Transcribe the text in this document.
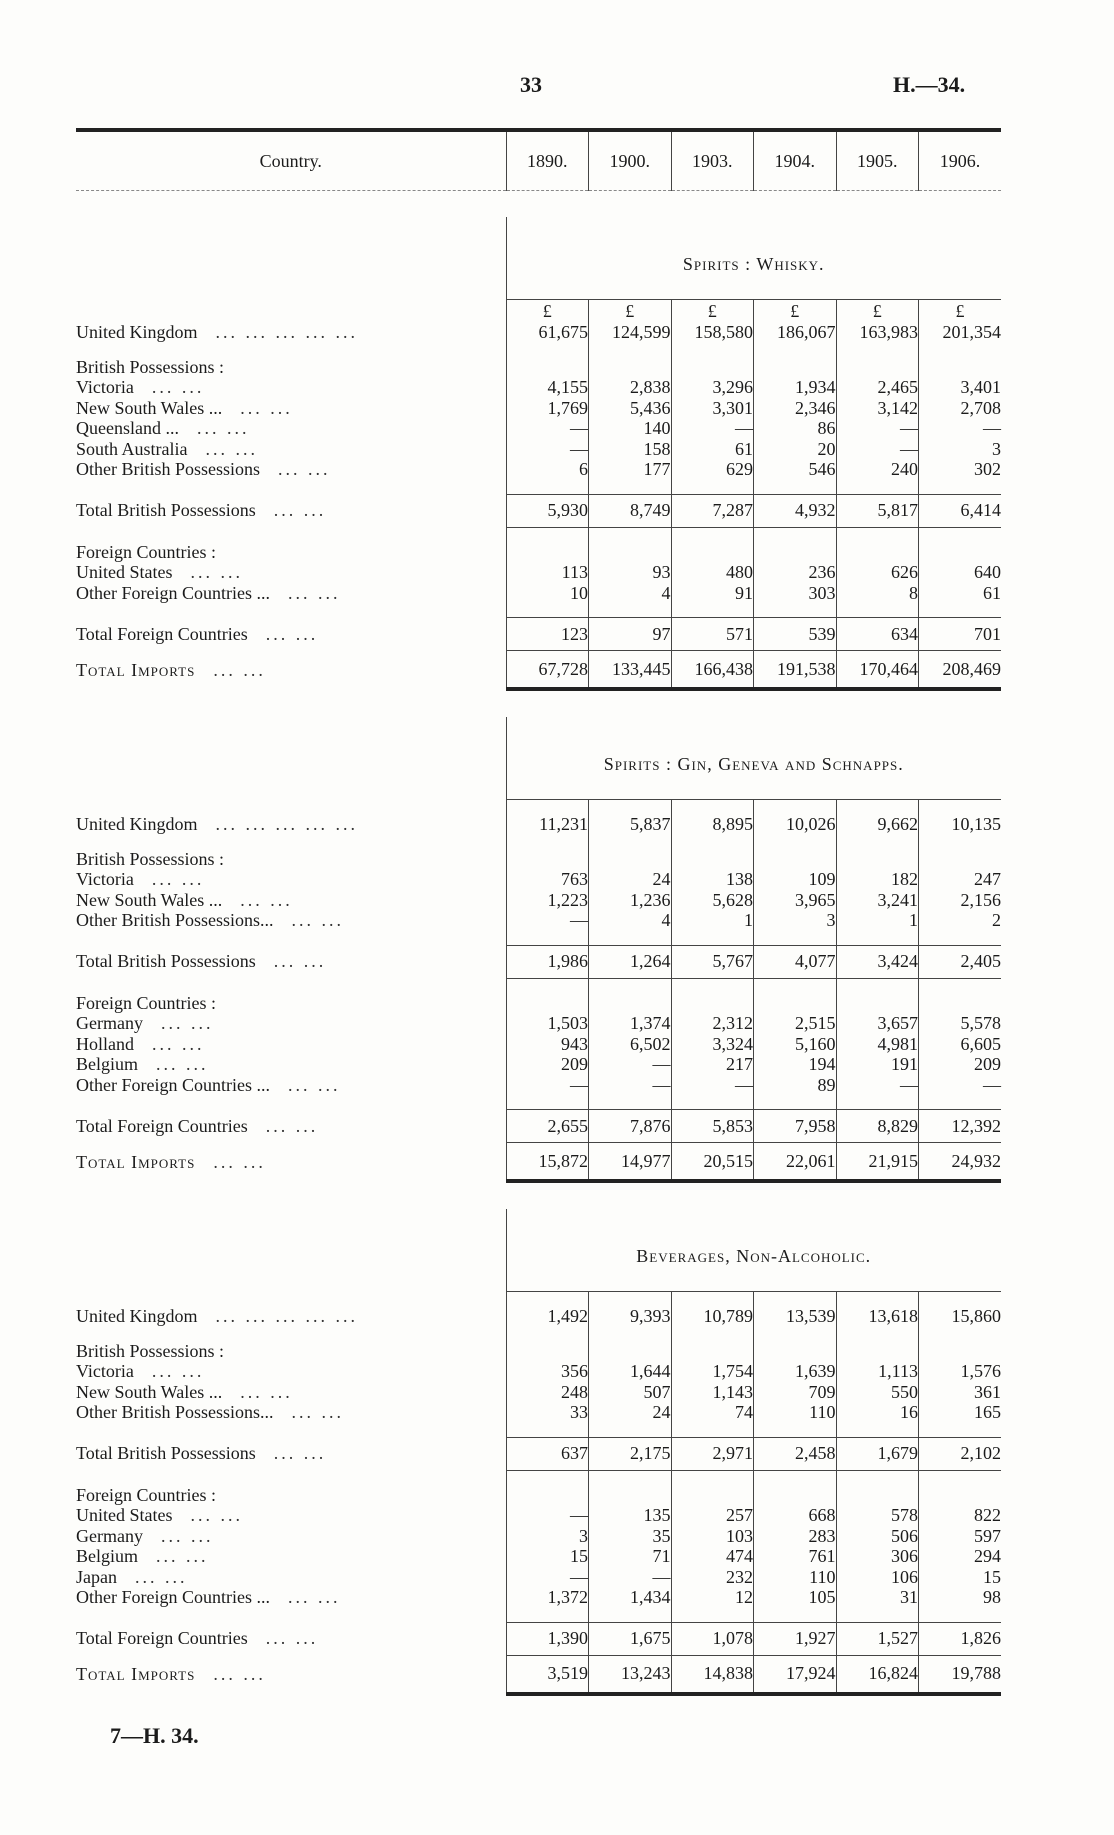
33	H.—34.
Country.	1890.	1900.	1903.	1904.	1905.	1906.

	Spirits : Whisky.					
	£	£	£	£	£	£
United Kingdom ... ... ... ... ...	61,675	124,599	158,580	186,067	163,983	201,354

British Possessions :						
Victoria ... ...	4,155	2,838	3,296	1,934	2,465	3,401
New South Wales ... ... ...	1,769	5,436	3,301	2,346	3,142	2,708
Queensland ... ... ...	—	140	—	86	—	—
South Australia ... ...	—	158	61	20	—	3
Other British Possessions ... ...	6	177	629	546	240	302

Total British Possessions ... ...	5,930	8,749	7,287	4,932	5,817	6,414

Foreign Countries :						
United States ... ...	113	93	480	236	626	640
Other Foreign Countries ... ... ...	10	4	91	303	8	61

Total Foreign Countries ... ...	123	97	571	539	634	701
Total Imports ... ...	67,728	133,445	166,438	191,538	170,464	208,469

	Spirits : Gin, Geneva and Schnapps.					

United Kingdom ... ... ... ... ...	11,231	5,837	8,895	10,026	9,662	10,135

British Possessions :						
Victoria ... ...	763	24	138	109	182	247
New South Wales ... ... ...	1,223	1,236	5,628	3,965	3,241	2,156
Other British Possessions... ... ...	—	4	1	3	1	2

Total British Possessions ... ...	1,986	1,264	5,767	4,077	3,424	2,405

Foreign Countries :						
Germany ... ...	1,503	1,374	2,312	2,515	3,657	5,578
Holland ... ...	943	6,502	3,324	5,160	4,981	6,605
Belgium ... ...	209	—	217	194	191	209
Other Foreign Countries ... ... ...	—	—	—	89	—	—

Total Foreign Countries ... ...	2,655	7,876	5,853	7,958	8,829	12,392
Total Imports ... ...	15,872	14,977	20,515	22,061	21,915	24,932

	Beverages, Non-Alcoholic.					

United Kingdom ... ... ... ... ...	1,492	9,393	10,789	13,539	13,618	15,860

British Possessions :						
Victoria ... ...	356	1,644	1,754	1,639	1,113	1,576
New South Wales ... ... ...	248	507	1,143	709	550	361
Other British Possessions... ... ...	33	24	74	110	16	165

Total British Possessions ... ...	637	2,175	2,971	2,458	1,679	2,102

Foreign Countries :						
United States ... ...	—	135	257	668	578	822
Germany ... ...	3	35	103	283	506	597
Belgium ... ...	15	71	474	761	306	294
Japan ... ...	—	—	232	110	106	15
Other Foreign Countries ... ... ...	1,372	1,434	12	105	31	98

Total Foreign Countries ... ...	1,390	1,675	1,078	1,927	1,527	1,826
Total Imports ... ...	3,519	13,243	14,838	17,924	16,824	19,788
7—H. 34.
